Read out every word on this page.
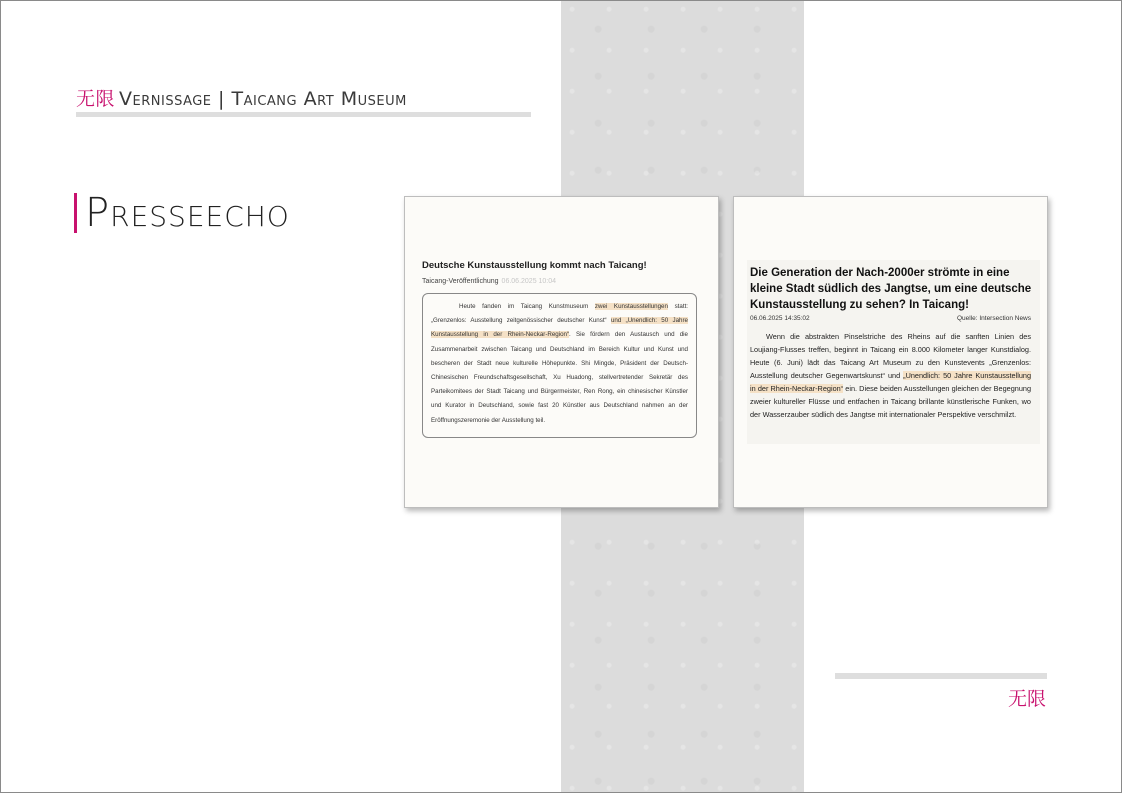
无限 Vernissage | Taicang Art Museum
Presseecho
Deutsche Kunstausstellung kommt nach Taicang!
Taicang-Veröffentlichung 06.06.2025 10:04

Heute fanden im Taicang Kunstmuseum zwei Kunstausstellungen statt: „Grenzenlos: Ausstellung zeitgenössischer deutscher Kunst“ und „Unendlich: 50 Jahre Kunstausstellung in der Rhein-Neckar-Region“. Sie fördern den Austausch und die Zusammenarbeit zwischen Taicang und Deutschland im Bereich Kultur und Kunst und bescheren der Stadt neue kulturelle Höhepunkte. Shi Mingde, Präsident der Deutsch-Chinesischen Freundschaftsgesellschaft, Xu Huadong, stellvertretender Sekretär des Parteikomitees der Stadt Taicang und Bürgermeister, Ren Rong, ein chinesischer Künstler und Kurator in Deutschland, sowie fast 20 Künstler aus Deutschland nahmen an der Eröffnungszeremonie der Ausstellung teil.

Die Generation der Nach-2000er strömte in eine kleine Stadt südlich des Jangtse, um eine deutsche Kunstausstellung zu sehen? In Taicang!
06.06.2025 14:35:02	Quelle: Intersection News

Wenn die abstrakten Pinselstriche des Rheins auf die sanften Linien des Loujiang-Flusses treffen, beginnt in Taicang ein 8.000 Kilometer langer Kunstdialog. Heute (6. Juni) lädt das Taicang Art Museum zu den Kunstevents „Grenzenlos: Ausstellung deutscher Gegenwartskunst“ und „Unendlich: 50 Jahre Kunstausstellung in der Rhein-Neckar-Region“ ein. Diese beiden Ausstellungen gleichen der Begegnung zweier kultureller Flüsse und entfachen in Taicang brillante künstlerische Funken, wo der Wasserzauber südlich des Jangtse mit internationaler Perspektive verschmilzt.

无限
